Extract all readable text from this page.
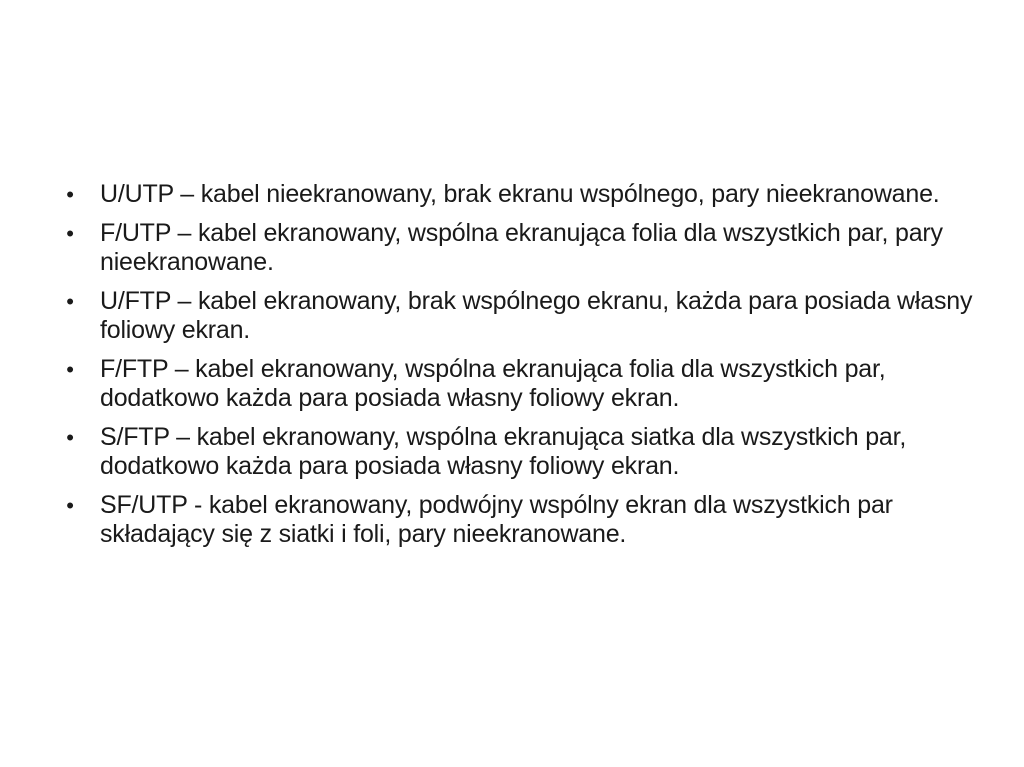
• U/UTP – kabel nieekranowany, brak ekranu wspólnego, pary nieekranowane.
• F/UTP – kabel ekranowany, wspólna ekranująca folia dla wszystkich par, pary nieekranowane.
• U/FTP – kabel ekranowany, brak wspólnego ekranu, każda para posiada własny foliowy ekran.
• F/FTP – kabel ekranowany, wspólna ekranująca folia dla wszystkich par, dodatkowo każda para posiada własny foliowy ekran.
• S/FTP – kabel ekranowany, wspólna ekranująca siatka dla wszystkich par, dodatkowo każda para posiada własny foliowy ekran.
• SF/UTP - kabel ekranowany, podwójny wspólny ekran dla wszystkich par składający się z siatki i foli, pary nieekranowane.
